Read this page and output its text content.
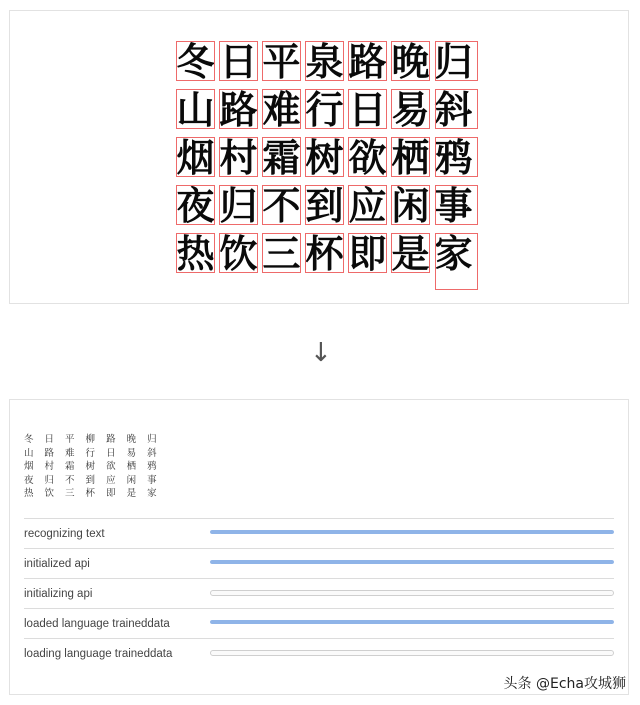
冬 日 平 泉 路 晚 归
山 路 难 行 日 易 斜
烟 村 霜 树 欲 栖 鸦
夜 归 不 到 应 闲 事
热 饮 三 杯 即 是 家
↓
冬 日 平 柳 路 晚 归
山 路 难 行 日 易 斜
烟 村 霜 树 欲 栖 鸦
夜 归 不 到 应 闲 事
热 饮 三 杯 即 是 家
recognizing text
initialized api
initializing api
loaded language traineddata
loading language traineddata
头条 @Echa攻城狮
